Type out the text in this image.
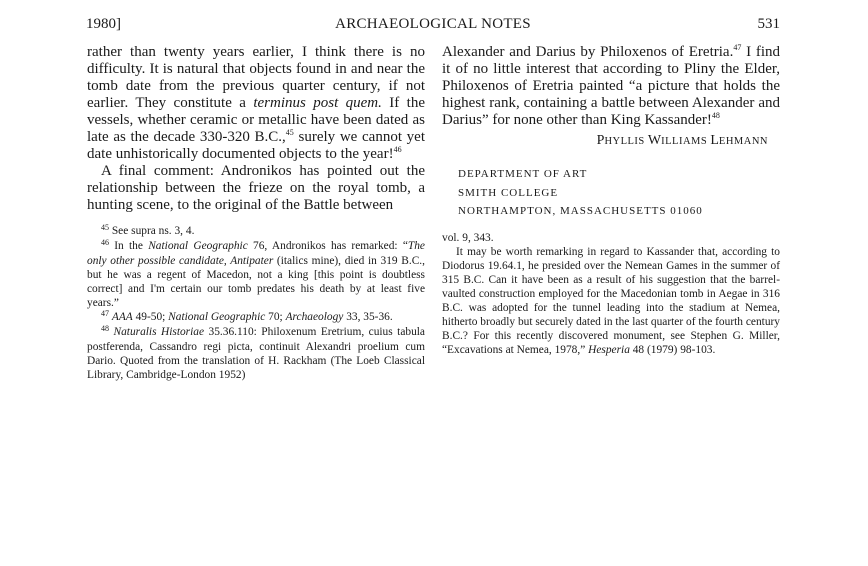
ARCHAEOLOGICAL NOTES
1980]	531

rather than twenty years earlier, I think there is no difficulty. It is natural that objects found in and near the tomb date from the previous quarter century, if not earlier. They constitute a terminus post quem. If the vessels, whether ceramic or metallic have been dated as late as the decade 330-320 B.C.,$^{45}$ surely we cannot yet date unhistorically documented objects to the year!$^{46}$

A final comment: Andronikos has pointed out the relationship between the frieze on the royal tomb, a hunting scene, to the original of the Battle between

$^{45}$ See supra ns. 3, 4.

$^{46}$ In the National Geographic 76, Andronikos has remarked: “The only other possible candidate, Antipater (italics mine), died in 319 B.C., but he was a regent of Macedon, not a king [this point is doubtless correct] and I'm certain our tomb predates his death by at least five years.”

$^{47}$ AAA 49-50; National Geographic 70; Archaeology 33, 35-36.

$^{48}$ Naturalis Historiae 35.36.110: Philoxenum Eretrium, cuius tabula postferenda, Cassandro regi picta, continuit Alexandri proelium cum Dario. Quoted from the translation of H. Rackham (The Loeb Classical Library, Cambridge-London 1952)

Alexander and Darius by Philoxenos of Eretria.$^{47}$ I find it of no little interest that according to Pliny the Elder, Philoxenos of Eretria painted “a picture that holds the highest rank, containing a battle between Alexander and Darius” for none other than King Kassander!$^{48}$

PHYLLIS WILLIAMS LEHMANN
DEPARTMENT OF ART
SMITH COLLEGE
NORTHAMPTON, MASSACHUSETTS 01060
vol. 9, 343.

It may be worth remarking in regard to Kassander that, according to Diodorus 19.64.1, he presided over the Nemean Games in the summer of 315 B.C. Can it have been as a result of his suggestion that the barrel-vaulted construction employed for the Macedonian tomb in Aegae in 316 B.C. was adopted for the tunnel leading into the stadium at Nemea, hitherto broadly but securely dated in the last quarter of the fourth century B.C.? For this recently discovered monument, see Stephen G. Miller, “Excavations at Nemea, 1978,” Hesperia 48 (1979) 98-103.
